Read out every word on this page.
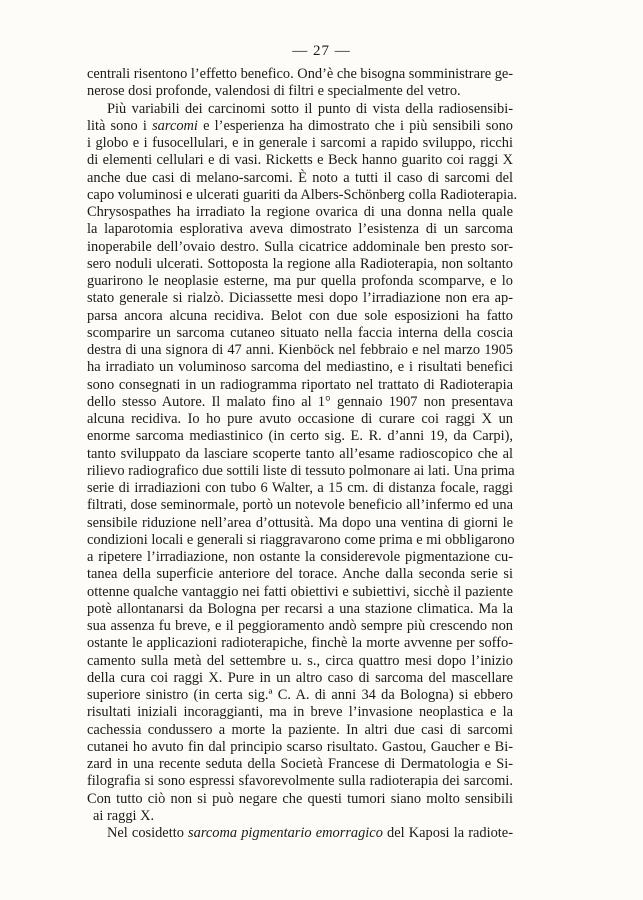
— 27 —
centrali risentono l’effetto benefico. Ond’è che bisogna somministrare ge-
nerose dosi profonde, valendosi di filtri e specialmente del vetro.
Più variabili dei carcinomi sotto il punto di vista della radiosensibi-
lità sono i sarcomi e l’esperienza ha dimostrato che i più sensibili sono
i globo e i fusocellulari, e in generale i sarcomi a rapido sviluppo, ricchi
di elementi cellulari e di vasi. Ricketts e Beck hanno guarito coi raggi X
anche due casi di melano-sarcomi. È noto a tutti il caso di sarcomi del
capo voluminosi e ulcerati guariti da Albers-Schönberg colla Radioterapia.
Chrysospathes ha irradiato la regione ovarica di una donna nella quale
la laparotomia esplorativa aveva dimostrato l’esistenza di un sarcoma
inoperabile dell’ovaio destro. Sulla cicatrice addominale ben presto sor-
sero noduli ulcerati. Sottoposta la regione alla Radioterapia, non soltanto
guarirono le neoplasie esterne, ma pur quella profonda scomparve, e lo
stato generale si rialzò. Diciassette mesi dopo l’irradiazione non era ap-
parsa ancora alcuna recidiva. Belot con due sole esposizioni ha fatto
scomparire un sarcoma cutaneo situato nella faccia interna della coscia
destra di una signora di 47 anni. Kienböck nel febbraio e nel marzo 1905
ha irradiato un voluminoso sarcoma del mediastino, e i risultati benefici
sono consegnati in un radiogramma riportato nel trattato di Radioterapia
dello stesso Autore. Il malato fino al 1° gennaio 1907 non presentava
alcuna recidiva. Io ho pure avuto occasione di curare coi raggi X un
enorme sarcoma mediastinico (in certo sig. E. R. d’anni 19, da Carpi),
tanto sviluppato da lasciare scoperte tanto all’esame radioscopico che al
rilievo radiografico due sottili liste di tessuto polmonare ai lati. Una prima
serie di irradiazioni con tubo 6 Walter, a 15 cm. di distanza focale, raggi
filtrati, dose seminormale, portò un notevole beneficio all’infermo ed una
sensibile riduzione nell’area d’ottusità. Ma dopo una ventina di giorni le
condizioni locali e generali si riaggravarono come prima e mi obbligarono
a ripetere l’irradiazione, non ostante la considerevole pigmentazione cu-
tanea della superficie anteriore del torace. Anche dalla seconda serie si
ottenne qualche vantaggio nei fatti obiettivi e subiettivi, sicchè il paziente
potè allontanarsi da Bologna per recarsi a una stazione climatica. Ma la
sua assenza fu breve, e il peggioramento andò sempre più crescendo non
ostante le applicazioni radioterapiche, finchè la morte avvenne per soffo-
camento sulla metà del settembre u. s., circa quattro mesi dopo l’inizio
della cura coi raggi X. Pure in un altro caso di sarcoma del mascellare
superiore sinistro (in certa sig.ª C. A. di anni 34 da Bologna) si ebbero
risultati iniziali incoraggianti, ma in breve l’invasione neoplastica e la
cachessia condussero a morte la paziente. In altri due casi di sarcomi
cutanei ho avuto fin dal principio scarso risultato. Gastou, Gaucher e Bi-
zard in una recente seduta della Società Francese di Dermatologia e Si-
filografia si sono espressi sfavorevolmente sulla radioterapia dei sarcomi.
Con tutto ciò non si può negare che questi tumori siano molto sensibili
ai raggi X.
Nel cosidetto sarcoma pigmentario emorragico del Kaposi la radiote-
